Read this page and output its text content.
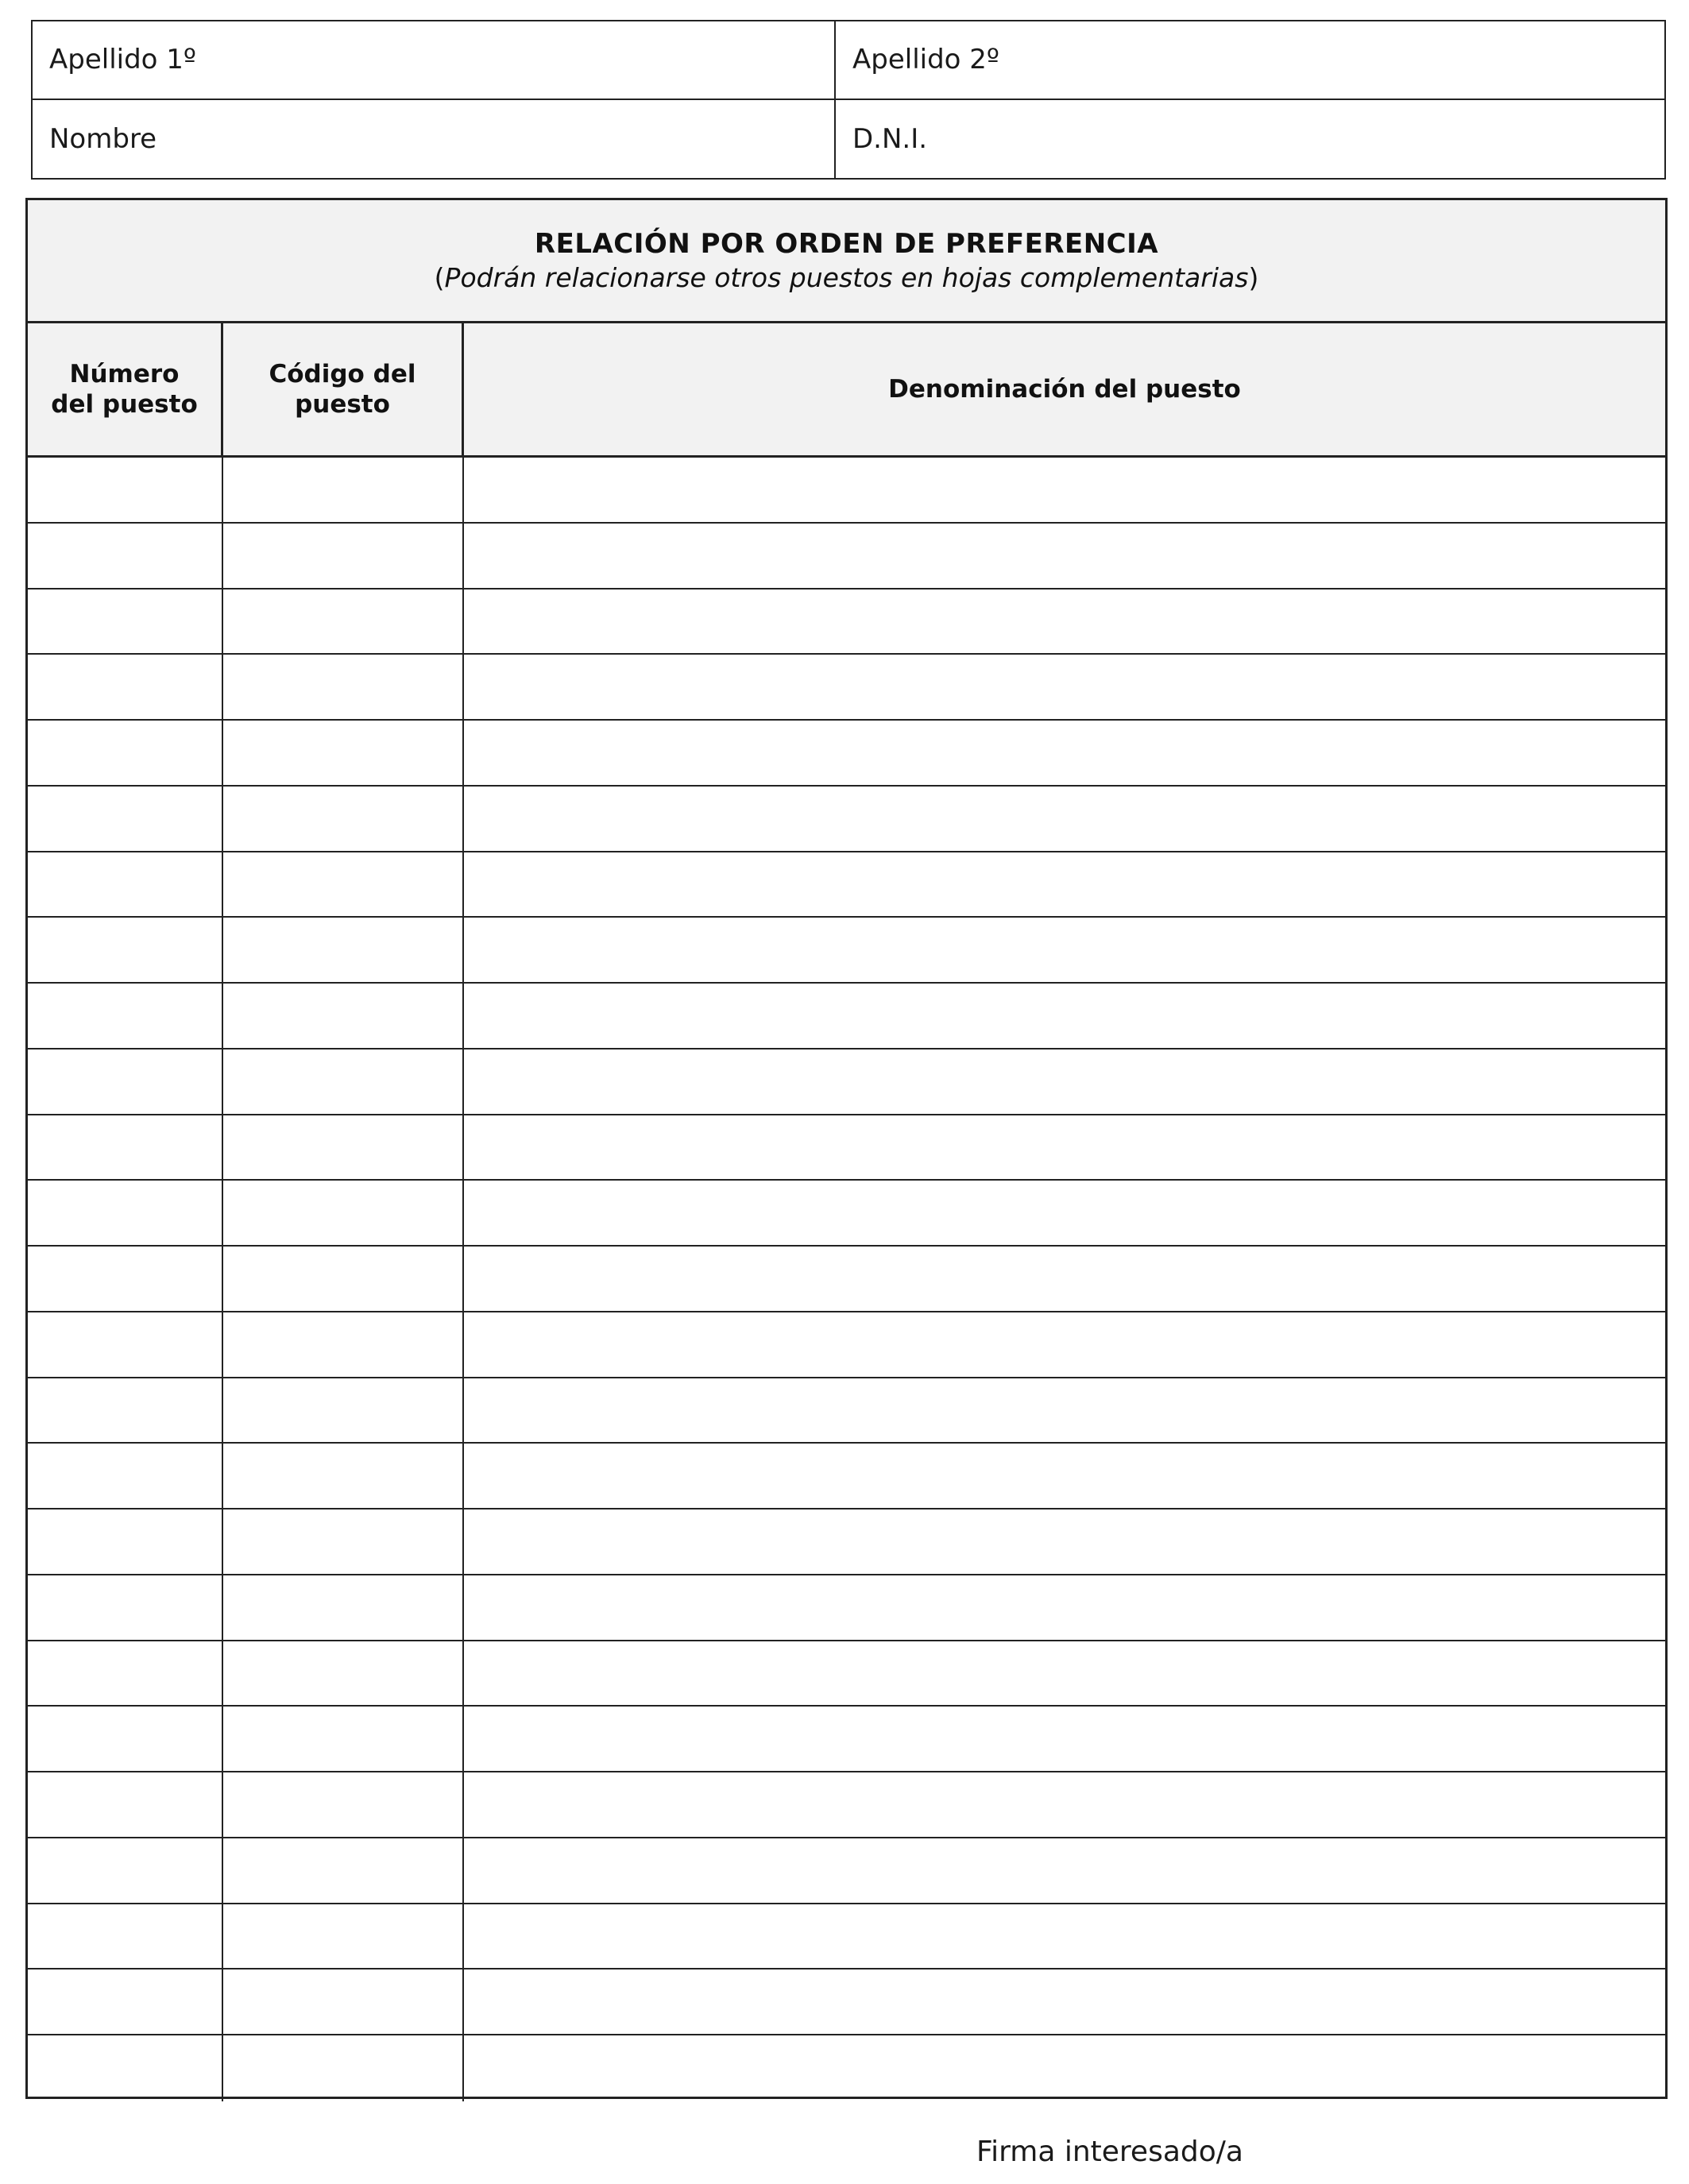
Apellido 1º	Apellido 2º
Nombre	D.N.I.
RELACIÓN POR ORDEN DE PREFERENCIA
(Podrán relacionarse otros puestos en hojas complementarias)
Número
del puesto
Código del
puesto
Denominación del puesto
Firma interesado/a
